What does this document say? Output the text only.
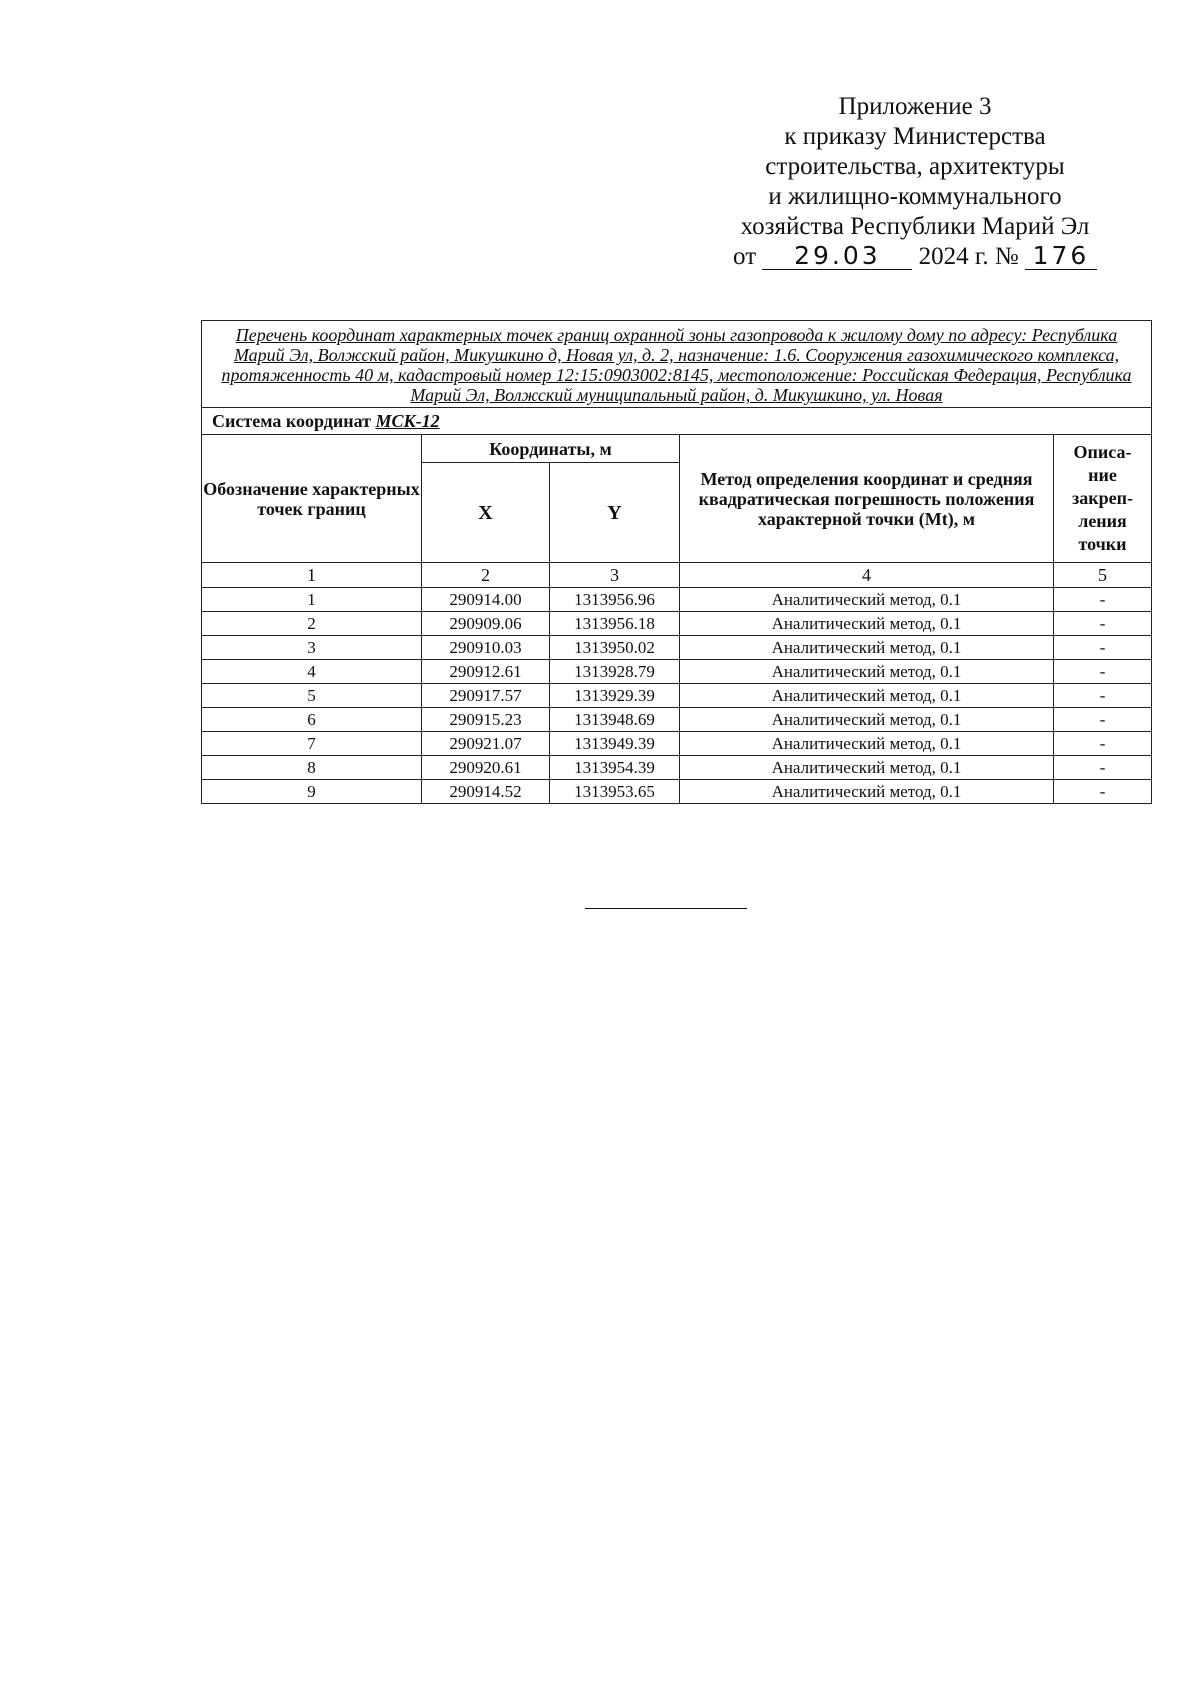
Приложение 3
к приказу Министерства
строительства, архитектуры
и жилищно-коммунального
хозяйства Республики Марий Эл
от 29.03 2024 г. № 176
Перечень координат характерных точек границ охранной зоны газопровода к жилому дому по адресу: Республика Марий Эл, Волжский район, Микушкино д, Новая ул, д. 2, назначение: 1.6. Сооружения газохимического комплекса, протяженность 40 м, кадастровый номер 12:15:0903002:8145, местоположение: Российская Федерация, Республика Марий Эл, Волжский муниципальный район, д. Микушкино, ул. Новая				
Система координат МСК-12				
Обозначение характерных точек границ	Координаты, м		Метод определения координат и средняя квадратическая погрешность положения характерной точки (Mt), м	Описа-ние закреп-ления точки
	X	Y		
1	2	3	4	5
1	290914.00	1313956.96	Аналитический метод, 0.1	-
2	290909.06	1313956.18	Аналитический метод, 0.1	-
3	290910.03	1313950.02	Аналитический метод, 0.1	-
4	290912.61	1313928.79	Аналитический метод, 0.1	-
5	290917.57	1313929.39	Аналитический метод, 0.1	-
6	290915.23	1313948.69	Аналитический метод, 0.1	-
7	290921.07	1313949.39	Аналитический метод, 0.1	-
8	290920.61	1313954.39	Аналитический метод, 0.1	-
9	290914.52	1313953.65	Аналитический метод, 0.1	-
